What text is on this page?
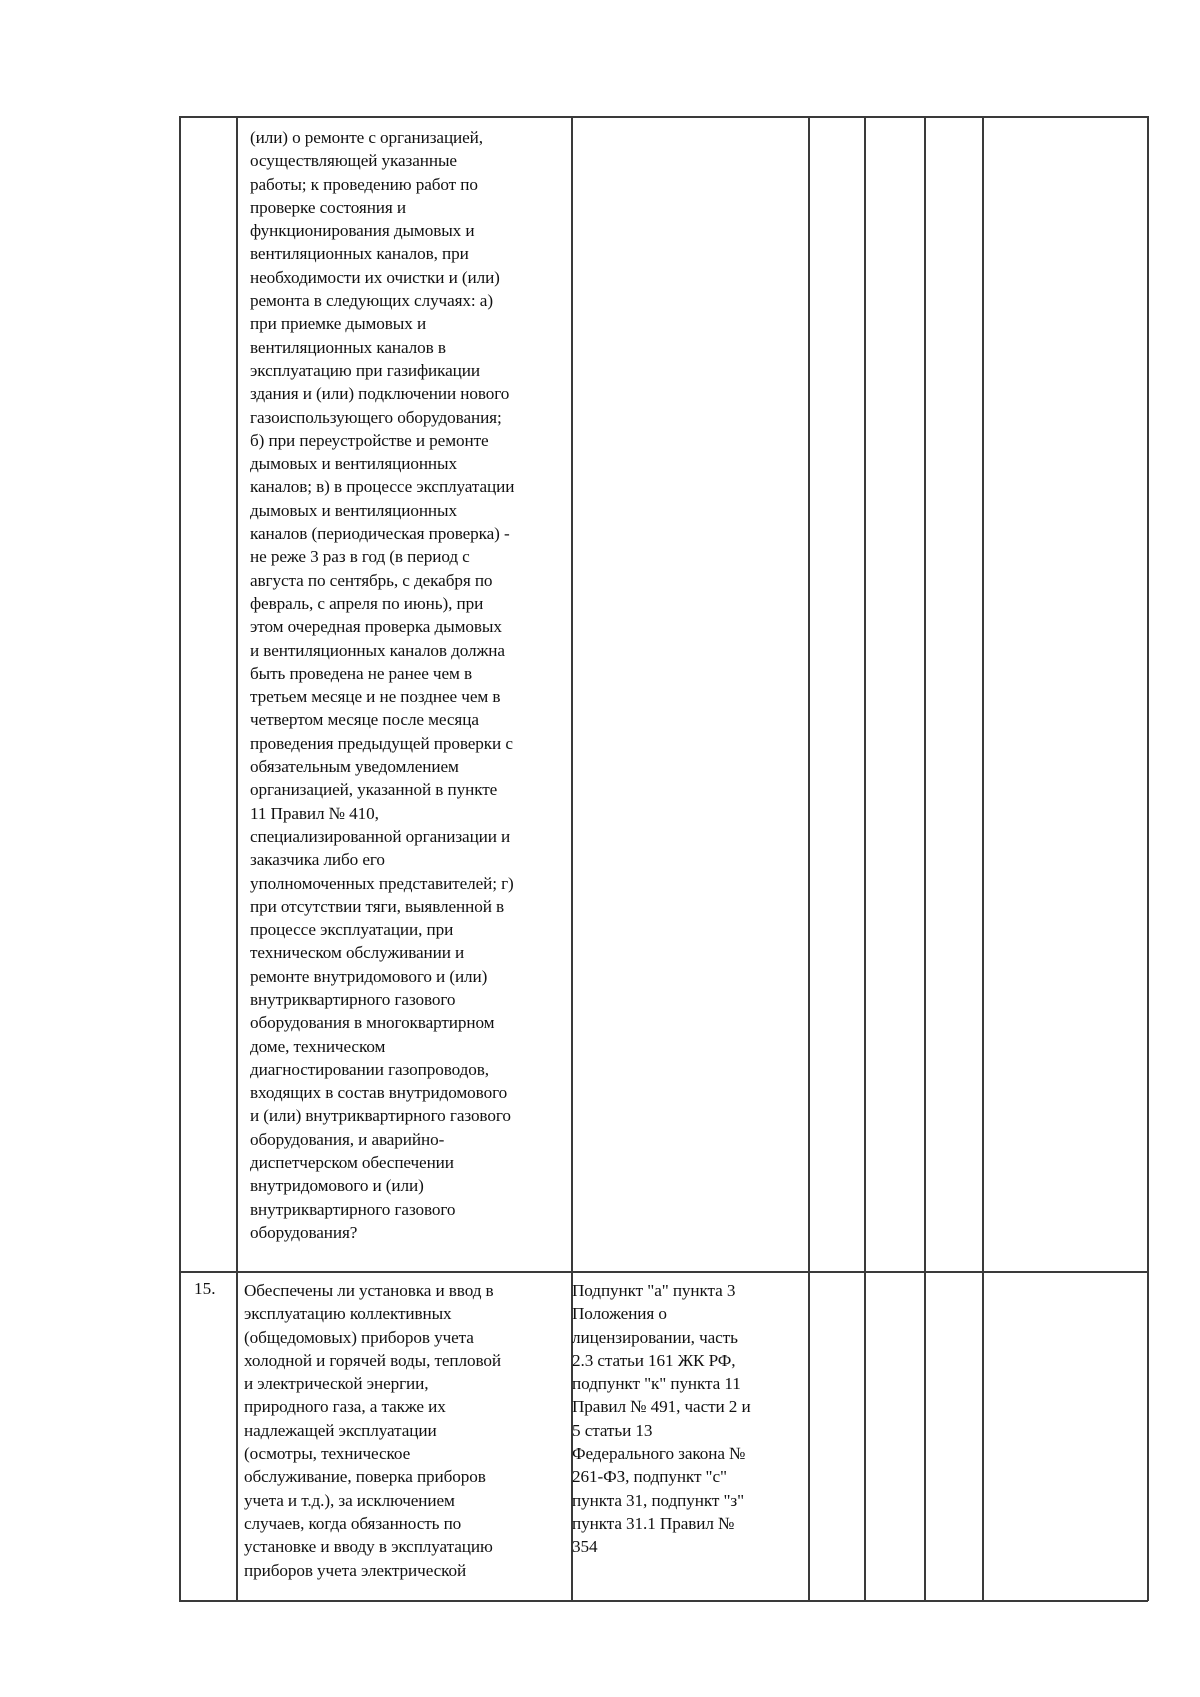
(или) о ремонте с организацией,
осуществляющей указанные
работы; к проведению работ по
проверке состояния и
функционирования дымовых и
вентиляционных каналов, при
необходимости их очистки и (или)
ремонта в следующих случаях: а)
при приемке дымовых и
вентиляционных каналов в
эксплуатацию при газификации
здания и (или) подключении нового
газоиспользующего оборудования;
б) при переустройстве и ремонте
дымовых и вентиляционных
каналов; в) в процессе эксплуатации
дымовых и вентиляционных
каналов (периодическая проверка) -
не реже 3 раз в год (в период с
августа по сентябрь, с декабря по
февраль, с апреля по июнь), при
этом очередная проверка дымовых
и вентиляционных каналов должна
быть проведена не ранее чем в
третьем месяце и не позднее чем в
четвертом месяце после месяца
проведения предыдущей проверки с
обязательным уведомлением
организацией, указанной в пункте
11 Правил № 410,
специализированной организации и
заказчика либо его
уполномоченных представителей; г)
при отсутствии тяги, выявленной в
процессе эксплуатации, при
техническом обслуживании и
ремонте внутридомового и (или)
внутриквартирного газового
оборудования в многоквартирном
доме, техническом
диагностировании газопроводов,
входящих в состав внутридомового
и (или) внутриквартирного газового
оборудования, и аварийно-
диспетчерском обеспечении
внутридомового и (или)
внутриквартирного газового
оборудования?
15. Обеспечены ли установка и ввод в
эксплуатацию коллективных
(общедомовых) приборов учета
холодной и горячей воды, тепловой
и электрической энергии,
природного газа, а также их
надлежащей эксплуатации
(осмотры, техническое
обслуживание, поверка приборов
учета и т.д.), за исключением
случаев, когда обязанность по
установке и вводу в эксплуатацию
приборов учета электрической
Подпункт "а" пункта 3
Положения о
лицензировании, часть
2.3 статьи 161 ЖК РФ,
подпункт "к" пункта 11
Правил № 491, части 2 и
5 статьи 13
Федерального закона №
261-ФЗ, подпункт "с"
пункта 31, подпункт "з"
пункта 31.1 Правил №
354
